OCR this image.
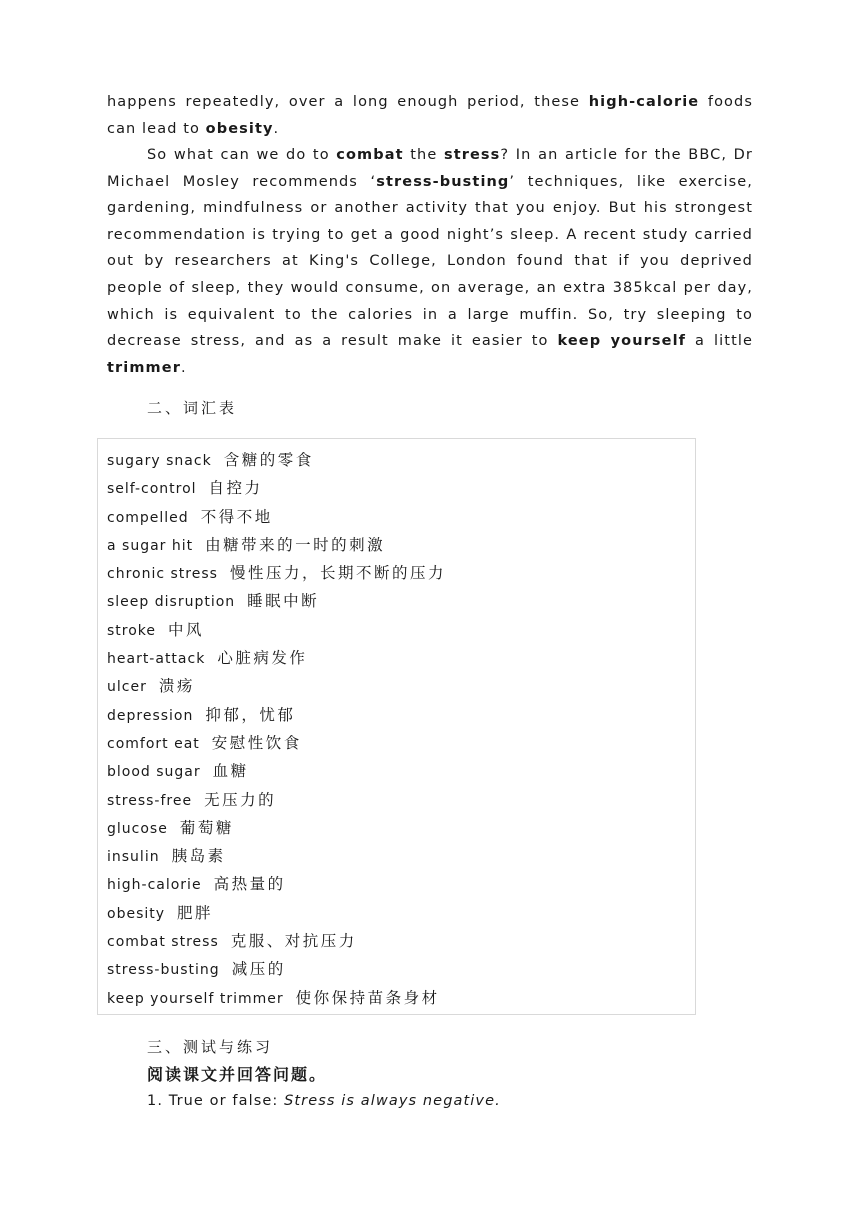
happens repeatedly, over a long enough period, these high-calorie foods can lead to obesity.

So what can we do to combat the stress? In an article for the BBC, Dr Michael Mosley recommends ‘stress-busting’ techniques, like exercise, gardening, mindfulness or another activity that you enjoy. But his strongest recommendation is trying to get a good night’s sleep. A recent study carried out by researchers at King's College, London found that if you deprived people of sleep, they would consume, on average, an extra 385kcal per day, which is equivalent to the calories in a large muffin. So, try sleeping to decrease stress, and as a result make it easier to keep yourself a little trimmer.

二、词汇表

sugary snack 含糖的零食
self-control 自控力
compelled 不得不地
a sugar hit 由糖带来的一时的刺激
chronic stress 慢性压力，长期不断的压力
sleep disruption 睡眠中断
stroke 中风
heart-attack 心脏病发作
ulcer 溃疡
depression 抑郁，忧郁
comfort eat 安慰性饮食
blood sugar 血糖
stress-free 无压力的
glucose 葡萄糖
insulin 胰岛素
high-calorie 高热量的
obesity 肥胖
combat stress 克服、对抗压力
stress-busting 减压的
keep yourself trimmer 使你保持苗条身材

三、测试与练习

阅读课文并回答问题。

1. True or false: Stress is always negative.
